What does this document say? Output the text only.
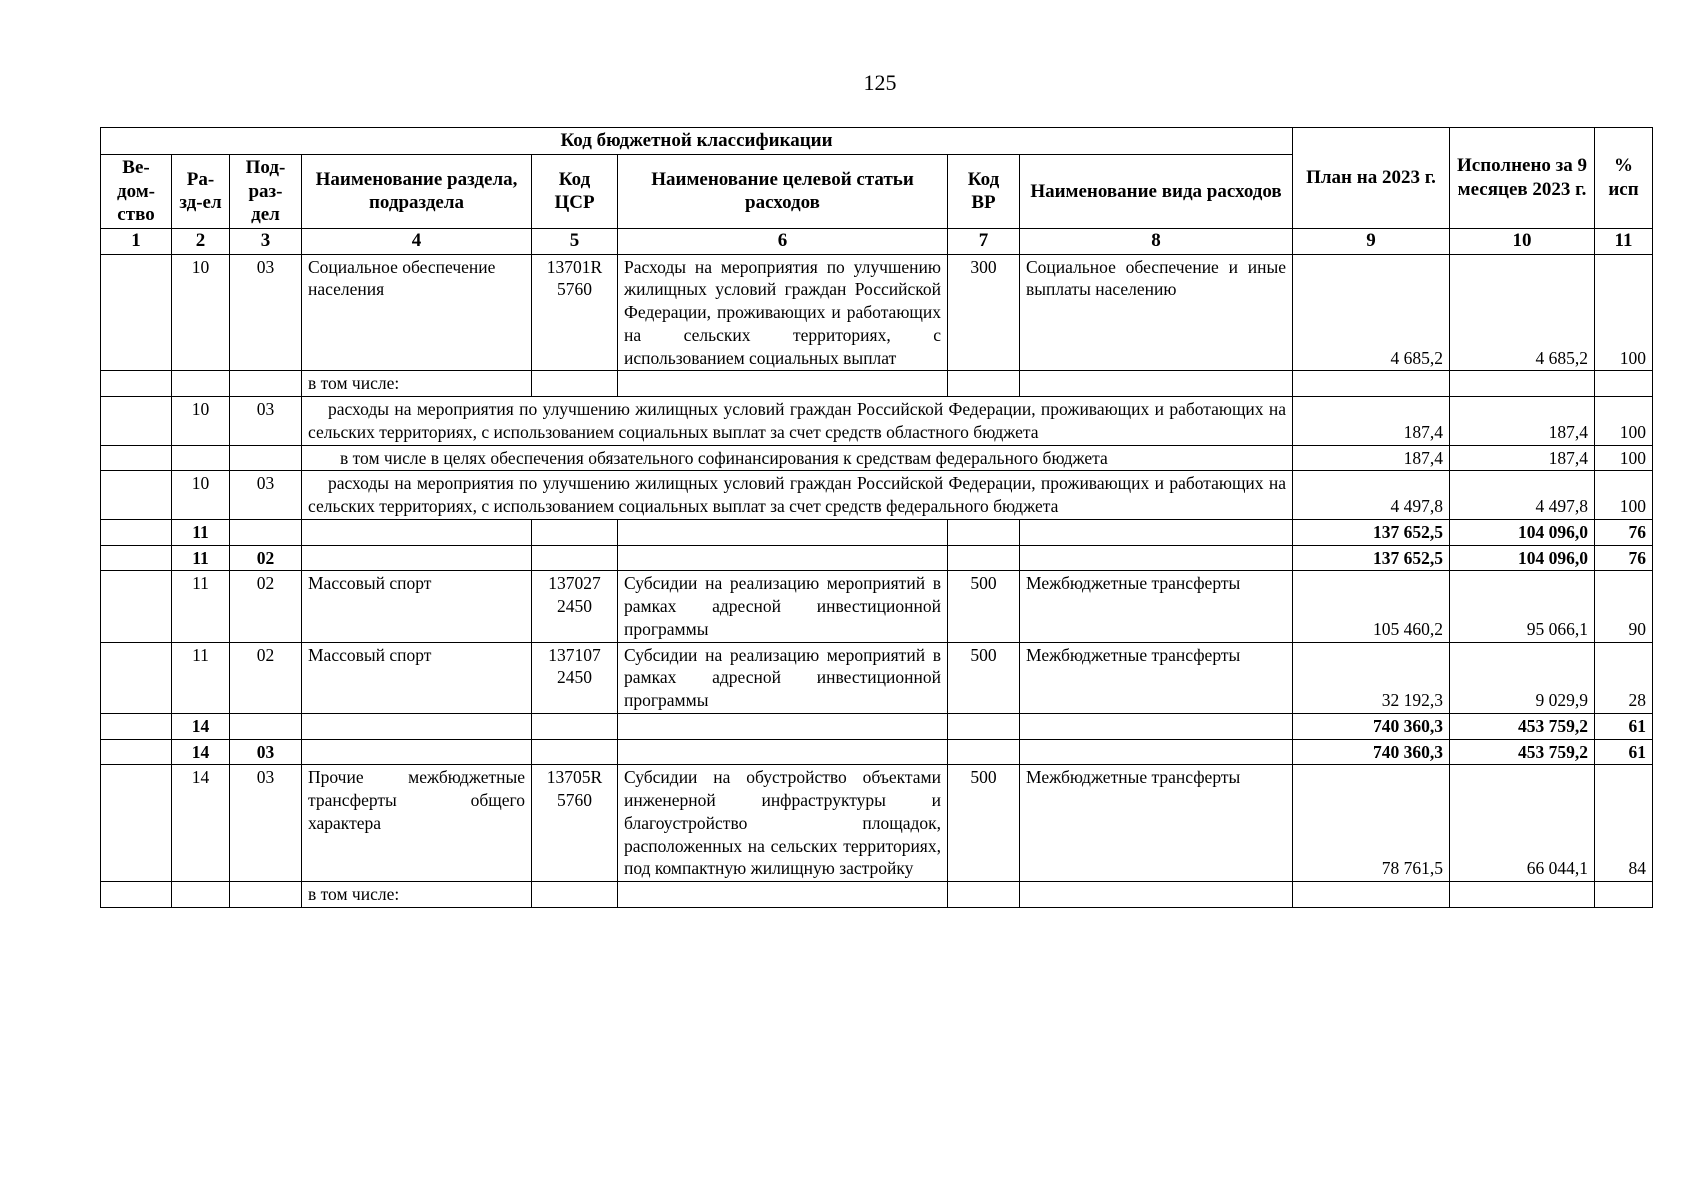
125
Код бюджетной классификации								План на 2023 г.	Исполнено за 9 месяцев 2023 г.	% исп
Ве-дом-ство	Ра-зд-ел	Под-раз-дел	Наименование раздела, подраздела	Код ЦСР	Наименование целевой статьи расходов	Код ВР	Наименование вида расходов			
1	2	3	4	5	6	7	8	9	10	11
	10	03	Социальное обеспечение населения	13701R 5760	Расходы на мероприятия по улучшению жилищных условий граждан Российской Федерации, проживающих и работающих на сельских территориях, с использованием социальных выплат	300	Социальное обеспечение и иные выплаты населению	4 685,2	4 685,2	100
			в том числе:							
	10	03	расходы на мероприятия по улучшению жилищных условий граждан Российской Федерации, проживающих и работающих на сельских территориях, с использованием социальных выплат за счет средств областного бюджета					187,4	187,4	100
			в том числе в целях обеспечения обязательного софинансирования к средствам федерального бюджета					187,4	187,4	100
	10	03	расходы на мероприятия по улучшению жилищных условий граждан Российской Федерации, проживающих и работающих на сельских территориях, с использованием социальных выплат за счет средств федерального бюджета					4 497,8	4 497,8	100
	11							137 652,5	104 096,0	76
	11	02						137 652,5	104 096,0	76
	11	02	Массовый спорт	137027 2450	Субсидии на реализацию мероприятий в рамках адресной инвестиционной программы	500	Межбюджетные трансферты	105 460,2	95 066,1	90
	11	02	Массовый спорт	137107 2450	Субсидии на реализацию мероприятий в рамках адресной инвестиционной программы	500	Межбюджетные трансферты	32 192,3	9 029,9	28
	14							740 360,3	453 759,2	61
	14	03						740 360,3	453 759,2	61
	14	03	Прочие межбюджетные трансферты общего характера	13705R 5760	Субсидии на обустройство объектами инженерной инфраструктуры и благоустройство площадок, расположенных на сельских территориях, под компактную жилищную застройку	500	Межбюджетные трансферты	78 761,5	66 044,1	84
			в том числе:							
